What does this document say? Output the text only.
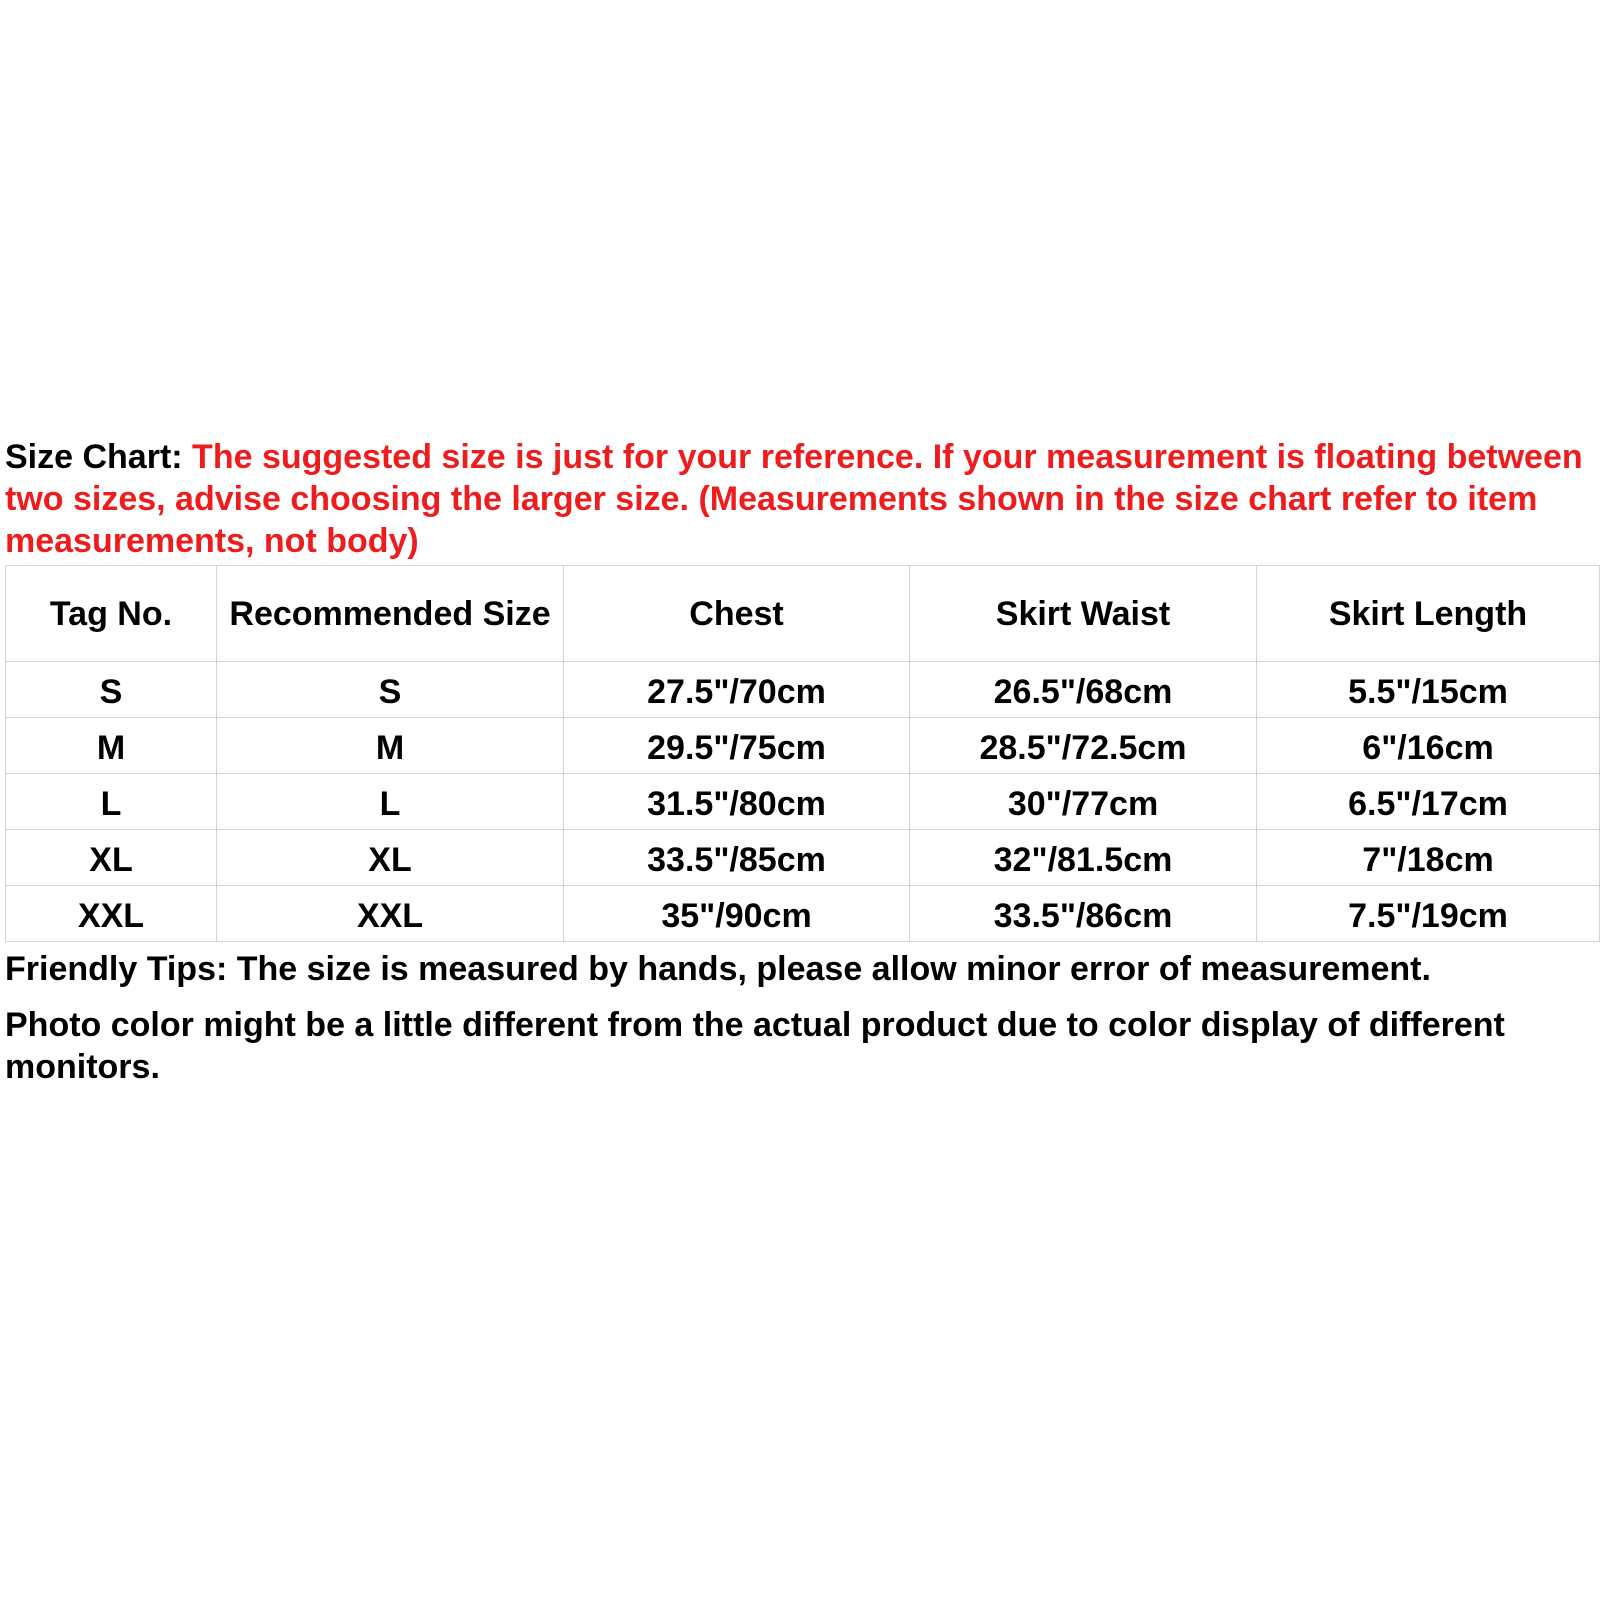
Size Chart: The suggested size is just for your reference. If your measurement is floating between two sizes, advise choosing the larger size. (Measurements shown in the size chart refer to item measurements, not body)
Tag No.	Recommended Size	Chest	Skirt Waist	Skirt Length
S	S	27.5"/70cm	26.5"/68cm	5.5"/15cm
M	M	29.5"/75cm	28.5"/72.5cm	6"/16cm
L	L	31.5"/80cm	30"/77cm	6.5"/17cm
XL	XL	33.5"/85cm	32"/81.5cm	7"/18cm
XXL	XXL	35"/90cm	33.5"/86cm	7.5"/19cm

Friendly Tips: The size is measured by hands, please allow minor error of measurement.

Photo color might be a little different from the actual product due to color display of different monitors.
